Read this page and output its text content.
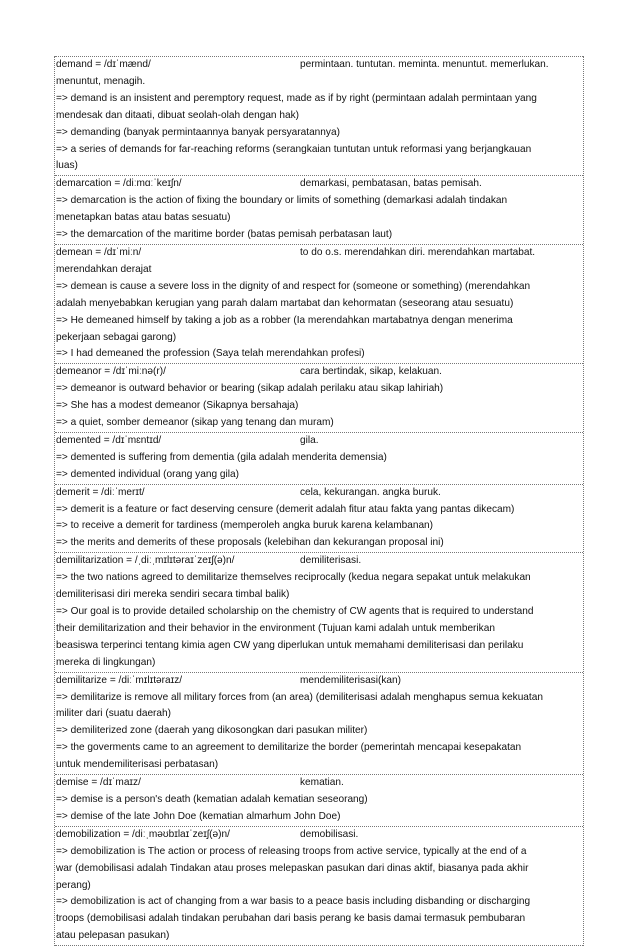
demand = /dɪˈmænd/	permintaan. tuntutan. meminta. menuntut. memerlukan.
menuntut, menagih.
=> demand is an insistent and peremptory request, made as if by right (permintaan adalah permintaan yang
mendesak dan ditaati, dibuat seolah-olah dengan hak)
=> demanding (banyak permintaannya banyak persyaratannya)
=> a series of demands for far-reaching reforms (serangkaian tuntutan untuk reformasi yang berjangkauan
luas)
demarcation = /diːmɑːˈkeɪʃn/	demarkasi, pembatasan, batas pemisah.
=> demarcation is the action of fixing the boundary or limits of something (demarkasi adalah tindakan
menetapkan batas atau batas sesuatu)
=> the demarcation of the maritime border (batas pemisah perbatasan laut)
demean = /dɪˈmiːn/	to do o.s. merendahkan diri. merendahkan martabat.
merendahkan derajat
=> demean is cause a severe loss in the dignity of and respect for (someone or something) (merendahkan
adalah menyebabkan kerugian yang parah dalam martabat dan kehormatan (seseorang atau sesuatu)
=> He demeaned himself by taking a job as a robber (Ia merendahkan martabatnya dengan menerima
pekerjaan sebagai garong)
=> I had demeaned the profession (Saya telah merendahkan profesi)
demeanor = /dɪˈmiːnə(r)/	cara bertindak, sikap, kelakuan.
=> demeanor is outward behavior or bearing (sikap adalah perilaku atau sikap lahiriah)
=> She has a modest demeanor (Sikapnya bersahaja)
=> a quiet, somber demeanor (sikap yang tenang dan muram)
demented = /dɪˈmɛntɪd/	gila.
=> demented is suffering from dementia (gila adalah menderita demensia)
=> demented individual (orang yang gila)
demerit = /diːˈmerɪt/	cela, kekurangan. angka buruk.
=> demerit is a feature or fact deserving censure (demerit adalah fitur atau fakta yang pantas dikecam)
=> to receive a demerit for tardiness (memperoleh angka buruk karena kelambanan)
=> the merits and demerits of these proposals (kelebihan dan kekurangan proposal ini)
demilitarization = /ˌdiːˌmɪlɪtəraɪˈzeɪʃ(ə)n/	demiliterisasi.
=> the two nations agreed to demilitarize themselves reciprocally (kedua negara sepakat untuk melakukan
demiliterisasi diri mereka sendiri secara timbal balik)
=> Our goal is to provide detailed scholarship on the chemistry of CW agents that is required to understand
their demilitarization and their behavior in the environment (Tujuan kami adalah untuk memberikan
beasiswa terperinci tentang kimia agen CW yang diperlukan untuk memahami demiliterisasi dan perilaku
mereka di lingkungan)
demilitarize = /diːˈmɪlɪtəraɪz/	mendemiliterisasi(kan)
=> demilitarize is remove all military forces from (an area) (demiliterisasi adalah menghapus semua kekuatan
militer dari (suatu daerah)
=> demiliterized zone (daerah yang dikosongkan dari pasukan militer)
=> the goverments came to an agreement to demilitarize the border (pemerintah mencapai kesepakatan
untuk mendemiliterisasi perbatasan)
demise = /dɪˈmaɪz/	kematian.
=> demise is a person's death (kematian adalah kematian seseorang)
=> demise of the late John Doe (kematian almarhum John Doe)
demobilization = /diːˌməʊbɪlaɪˈzeɪʃ(ə)n/	demobilisasi.
=> demobilization is The action or process of releasing troops from active service, typically at the end of a
war (demobilisasi adalah Tindakan atau proses melepaskan pasukan dari dinas aktif, biasanya pada akhir
perang)
=> demobilization is act of changing from a war basis to a peace basis including disbanding or discharging
troops (demobilisasi adalah tindakan perubahan dari basis perang ke basis damai termasuk pembubaran
atau pelepasan pasukan)
